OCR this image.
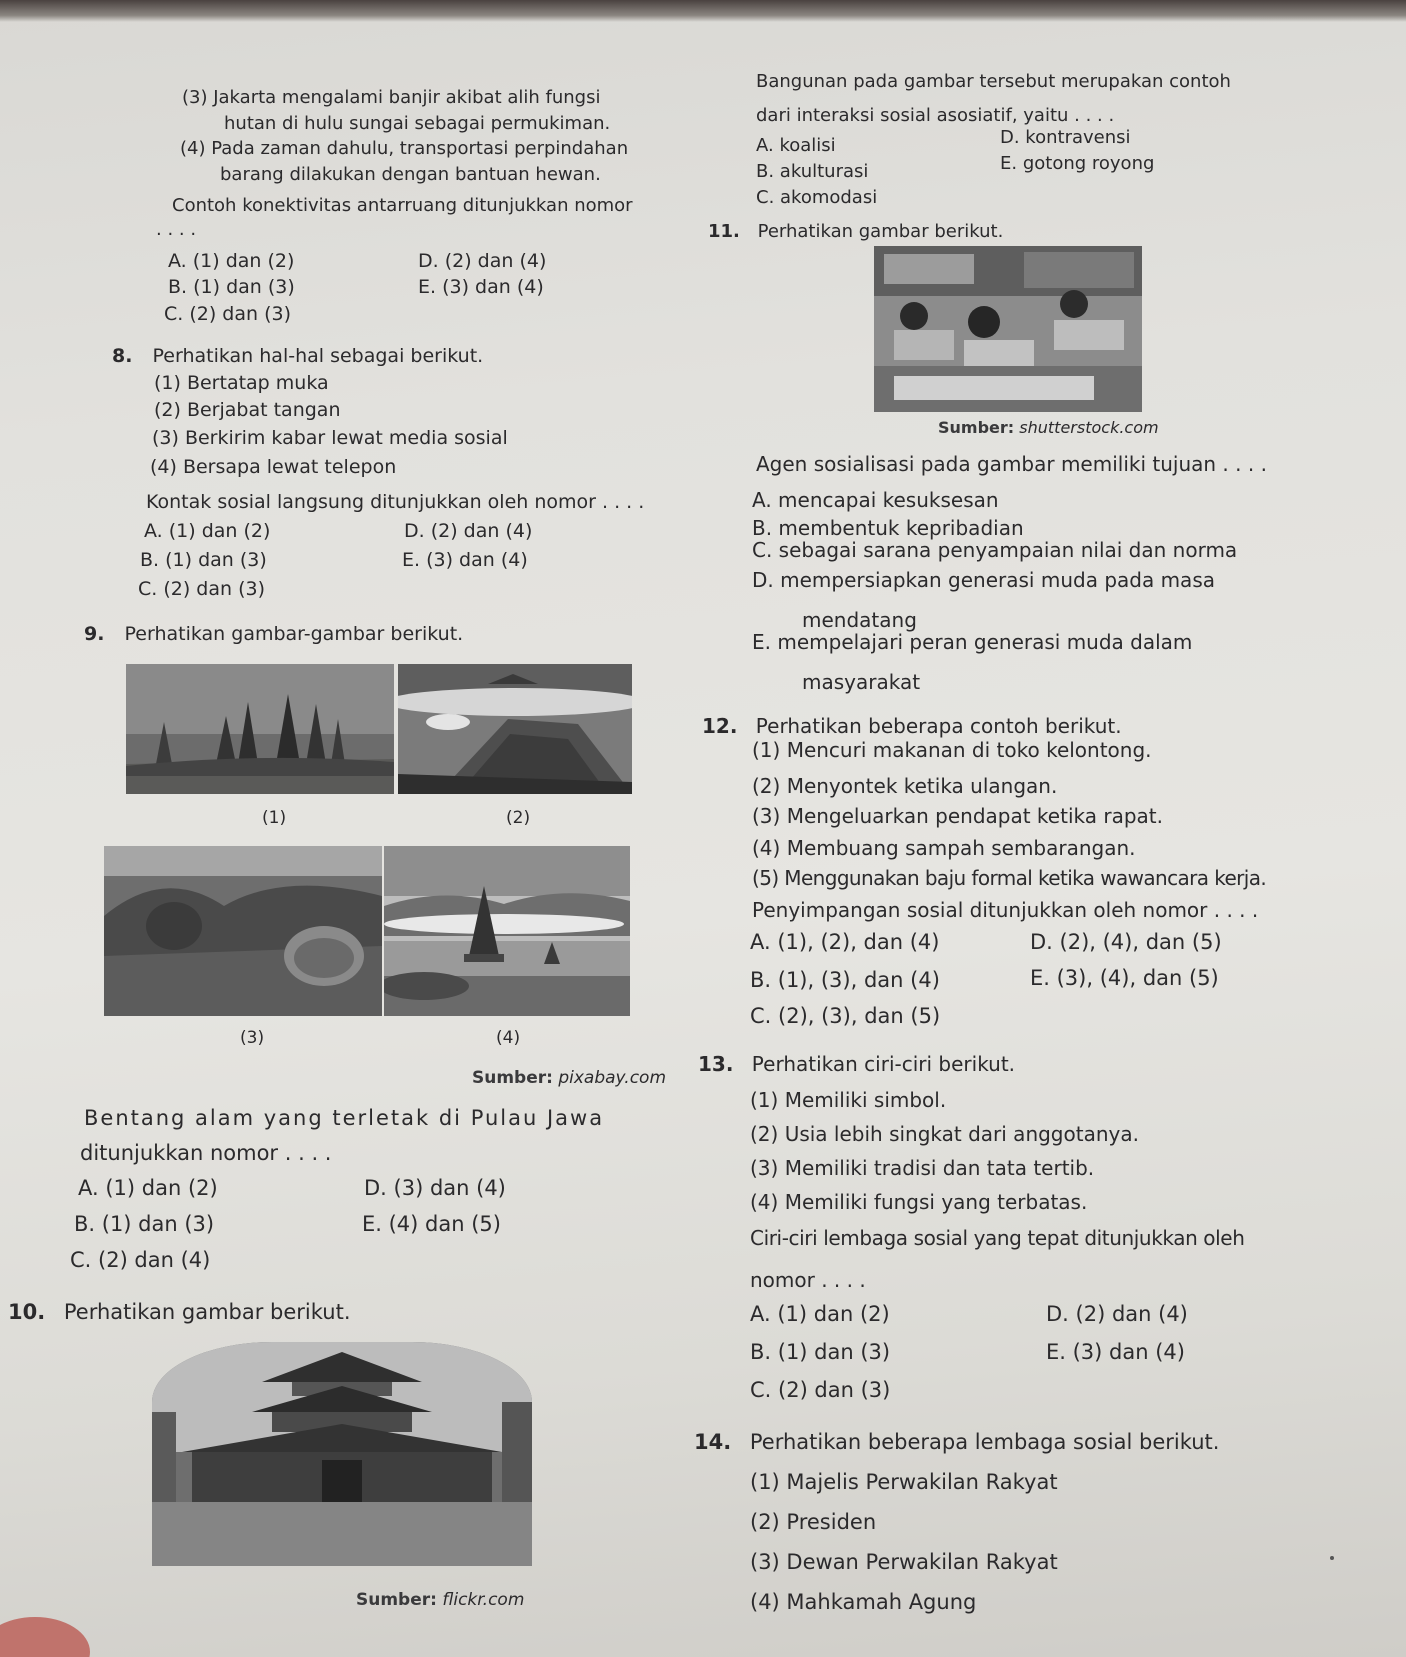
(3) Jakarta mengalami banjir akibat alih fungsi
hutan di hulu sungai sebagai permukiman.
(4) Pada zaman dahulu, transportasi perpindahan
barang dilakukan dengan bantuan hewan.
Contoh konektivitas antarruang ditunjukkan nomor
. . . .
A. (1) dan (2)
B. (1) dan (3)
C. (2) dan (3)
D. (2) dan (4)
E. (3) dan (4)
8. Perhatikan hal-hal sebagai berikut.
(1) Bertatap muka
(2) Berjabat tangan
(3) Berkirim kabar lewat media sosial
(4) Bersapa lewat telepon
Kontak sosial langsung ditunjukkan oleh nomor . . . .
A. (1) dan (2)
B. (1) dan (3)
C. (2) dan (3)
D. (2) dan (4)
E. (3) dan (4)
9. Perhatikan gambar-gambar berikut.
(1)	(2)
(3)	(4)
Sumber: pixabay.com
Bentang alam yang terletak di Pulau Jawa
ditunjukkan nomor . . . .
A. (1) dan (2)
B. (1) dan (3)
C. (2) dan (4)
D. (3) dan (4)
E. (4) dan (5)
10. Perhatikan gambar berikut.
Sumber: flickr.com
Bangunan pada gambar tersebut merupakan contoh
dari interaksi sosial asosiatif, yaitu . . . .
A. koalisi
B. akulturasi
C. akomodasi
D. kontravensi
E. gotong royong
11. Perhatikan gambar berikut.
Sumber: shutterstock.com
Agen sosialisasi pada gambar memiliki tujuan . . . .
A. mencapai kesuksesan
B. membentuk kepribadian
C. sebagai sarana penyampaian nilai dan norma
D. mempersiapkan generasi muda pada masa
mendatang
E. mempelajari peran generasi muda dalam
masyarakat
12. Perhatikan beberapa contoh berikut.
(1) Mencuri makanan di toko kelontong.
(2) Menyontek ketika ulangan.
(3) Mengeluarkan pendapat ketika rapat.
(4) Membuang sampah sembarangan.
(5) Menggunakan baju formal ketika wawancara kerja.
Penyimpangan sosial ditunjukkan oleh nomor . . . .
A. (1), (2), dan (4)
B. (1), (3), dan (4)
C. (2), (3), dan (5)
D. (2), (4), dan (5)
E. (3), (4), dan (5)
13. Perhatikan ciri-ciri berikut.
(1) Memiliki simbol.
(2) Usia lebih singkat dari anggotanya.
(3) Memiliki tradisi dan tata tertib.
(4) Memiliki fungsi yang terbatas.
Ciri-ciri lembaga sosial yang tepat ditunjukkan oleh
nomor . . . .
A. (1) dan (2)
B. (1) dan (3)
C. (2) dan (3)
D. (2) dan (4)
E. (3) dan (4)
14. Perhatikan beberapa lembaga sosial berikut.
(1) Majelis Perwakilan Rakyat
(2) Presiden
(3) Dewan Perwakilan Rakyat
(4) Mahkamah Agung
